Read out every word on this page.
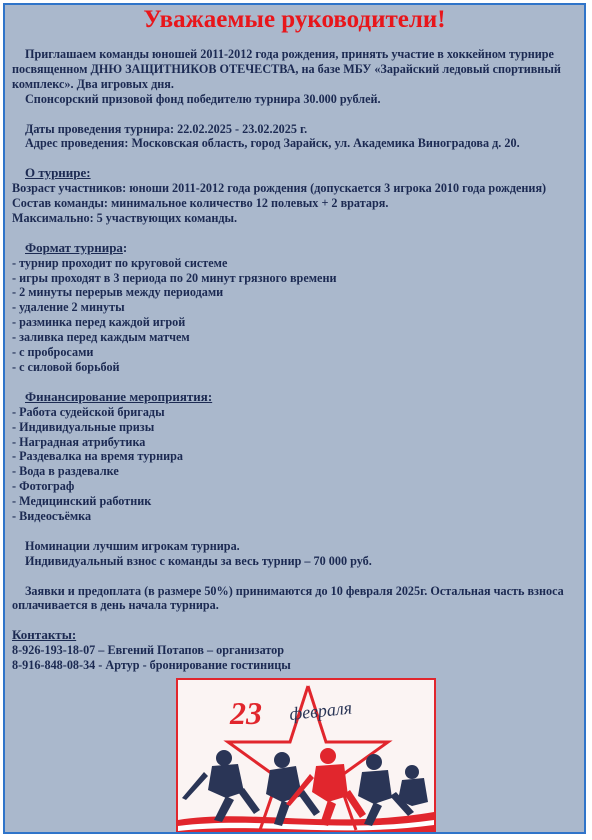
Уважаемые руководители!

Приглашаем команды юношей 2011-2012 года рождения, принять участие в хоккейном турнире посвященном ДНЮ ЗАЩИТНИКОВ ОТЕЧЕСТВА, на базе МБУ «Зарайский ледовый спортивный комплекс». Два игровых дня.

Спонсорский призовой фонд победителю турнира 30.000 рублей.

Даты проведения турнира: 22.02.2025 - 23.02.2025 г.

Адрес проведения: Московская область, город Зарайск, ул. Академика Виноградова д. 20.

О турнире:

Возраст участников: юноши 2011-2012 года рождения (допускается 3 игрока 2010 года рождения)

Состав команды: минимальное количество 12 полевых + 2 вратаря.

Максимально: 5 участвующих команды.

Формат турнира:

- турнир проходит по круговой системе

- игры проходят в 3 периода по 20 минут грязного времени

- 2 минуты перерыв между периодами

- удаление 2 минуты

- разминка перед каждой игрой

- заливка перед каждым матчем

- с пробросами

- с силовой борьбой

Финансирование мероприятия:

- Работа судейской бригады

- Индивидуальные призы

- Наградная атрибутика

- Раздевалка на время турнира

- Вода в раздевалке

- Фотограф

- Медицинский работник

- Видеосъёмка

Номинации лучшим игрокам турнира.

Индивидуальный взнос с команды за весь турнир – 70 000 руб.

Заявки и предоплата (в размере 50%) принимаются до 10 февраля 2025г. Остальная часть взноса оплачивается в день начала турнира.

Контакты:

8-926-193-18-07 – Евгений Потапов – организатор

8-916-848-08-34 - Артур - бронирование гостиницы

23 февраля
